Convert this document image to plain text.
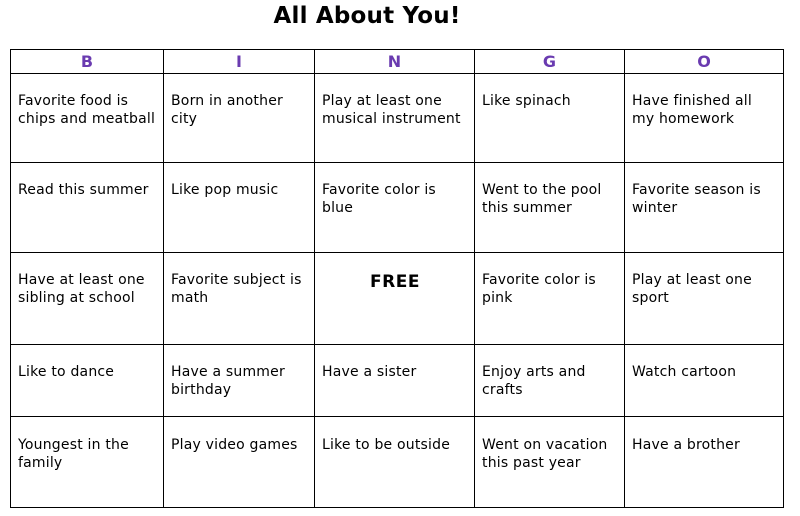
All About You!
B	I	N	G	O
Favorite food is chips and meatball	Born in another city	Play at least one musical instrument	Like spinach	Have finished all my homework
Read this summer	Like pop music	Favorite color is blue	Went to the pool this summer	Favorite season is winter
Have at least one sibling at school	Favorite subject is math	FREE	Favorite color is pink	Play at least one sport
Like to dance	Have a summer birthday	Have a sister	Enjoy arts and crafts	Watch cartoon
Youngest in the family	Play video games	Like to be outside	Went on vacation this past year	Have a brother
